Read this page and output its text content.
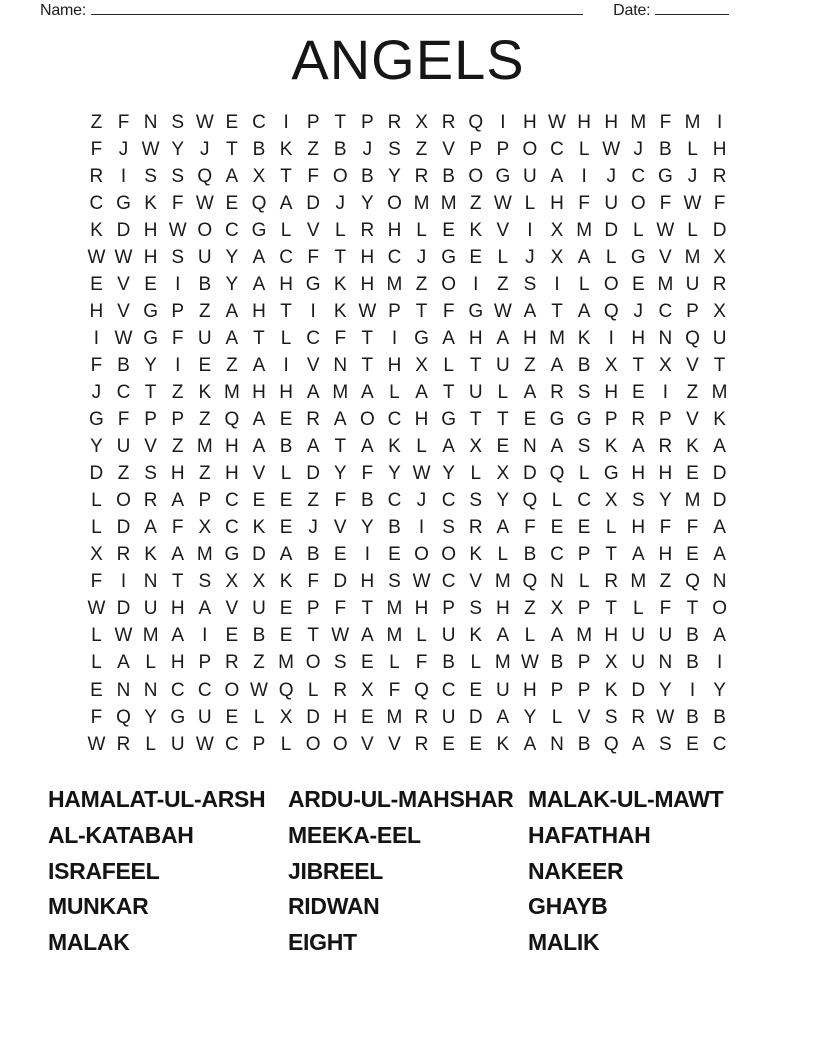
Name:	Date:
ANGELS
Z F N S W E C I P T P R X R Q I H W H H M F M I
F J W Y J T B K Z B J S Z V P P O C L W J B L H
R I S S Q A X T F O B Y R B O G U A I	J C G J R
C G K F W E Q A D J Y O M M Z W L H F U O F W F
K D H W O C G L V L R H L E K V I X M D L W L D
W W H S U Y A C F T H C J G E L J X A L G V M X
E V E I B Y A H G K H M Z O I Z S I	L O E M U R
H V G P Z A H T I K W P T F G W A T A Q J C P X
I W G F U A T L C F T I G A H A H M K I H N Q U
F B Y I E Z A I V N T H X L T U Z A B X T X V T
J C T Z K M H H A M A L A T U L A R S H E I Z M
G F P P Z Q A E R A O C H G T T E G G P R P V K
Y U V Z M H A B A T A K L A X E N A S K A R K A
D Z S H Z H V L D Y F Y W Y L X D Q L G H H E D
L O R A P C E E Z F B C J C S Y Q L C X S Y M D
L D A F X C K E J V Y B I S R A F E E L H F F A
X R K A M G D A B E I E O O K L B C P T A H E A
F I N T S X X K F D H S W C V M Q N L R M Z Q N
W D U H A V U E P F T M H P S H Z X P T L F T O
L W M A I E B E T W A M L U K A L A M H U U B A
L A L H P R Z M O S E L F B L M W B P X U N B I
E N N C C O W Q L R X F Q C E U H P P K D Y I Y
F Q Y G U E L X D H E M R U D A Y L V S R W B B
W R L U W C P L O O V V R E E K A N B Q A S E C
HAMALAT-UL-ARSH
AL-KATABAH
ISRAFEEL
MUNKAR
MALAK
ARDU-UL-MAHSHAR
MEEKA-EEL
JIBREEL
RIDWAN
EIGHT
MALAK-UL-MAWT
HAFATHAH
NAKEER
GHAYB
MALIK
